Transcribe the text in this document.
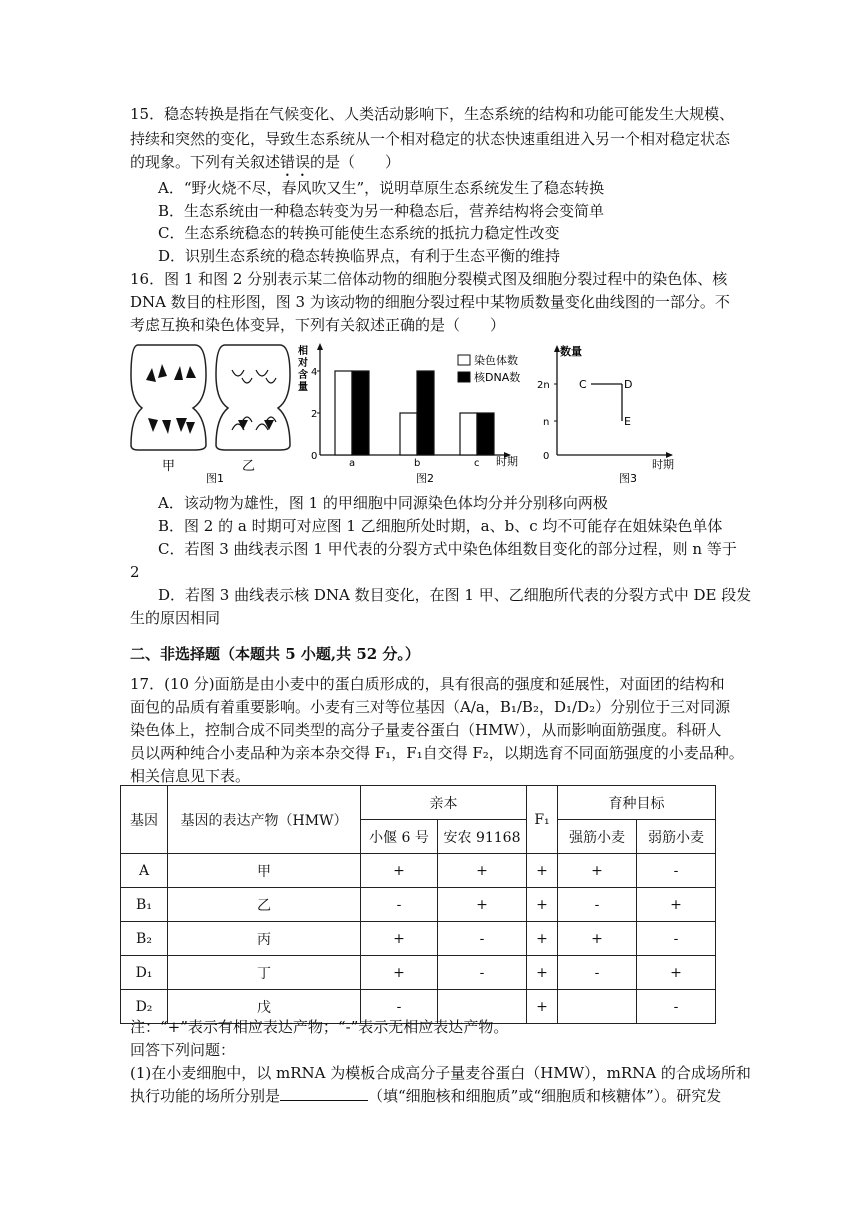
15．稳态转换是指在气候变化、人类活动影响下，生态系统的结构和功能可能发生大规模、
持续和突然的变化，导致生态系统从一个相对稳定的状态快速重组进入另一个相对稳定状态
的现象。下列有关叙述错误的是（　　）
A．“野火烧不尽，春风吹又生”，说明草原生态系统发生了稳态转换
B．生态系统由一种稳态转变为另一种稳态后，营养结构将会变简单
C．生态系统稳态的转换可能使生态系统的抵抗力稳定性改变
D．识别生态系统的稳态转换临界点，有利于生态平衡的维持
16．图 1 和图 2 分别表示某二倍体动物的细胞分裂模式图及细胞分裂过程中的染色体、核
DNA 数目的柱形图，图 3 为该动物的细胞分裂过程中某物质数量变化曲线图的一部分。不
考虑互换和染色体变异，下列有关叙述正确的是（　　）
甲	乙
图1
相
对
含
量
时期
0
2
4
a	b	c
染色体数
核DNA数
图2
数量
时期
0
n
2n	C	D
E
图3
A．该动物为雄性，图 1 的甲细胞中同源染色体均分并分别移向两极
B．图 2 的 a 时期可对应图 1 乙细胞所处时期，a、b、c 均不可能存在姐妹染色单体
C．若图 3 曲线表示图 1 甲代表的分裂方式中染色体组数目变化的部分过程，则 n 等于
2
D．若图 3 曲线表示核 DNA 数目变化，在图 1 甲、乙细胞所代表的分裂方式中 DE 段发
生的原因相同
二、非选择题（本题共 5 小题,共 52 分。）
17．(10 分)面筋是由小麦中的蛋白质形成的，具有很高的强度和延展性，对面团的结构和
面包的品质有着重要影响。小麦有三对等位基因（A/a，B₁/B₂，D₁/D₂）分别位于三对同源
染色体上，控制合成不同类型的高分子量麦谷蛋白（HMW），从而影响面筋强度。科研人
员以两种纯合小麦品种为亲本杂交得 F₁，F₁自交得 F₂，以期选育不同面筋强度的小麦品种。
相关信息见下表。
基因	基因的表达产物（HMW）	亲本		F₁	育种目标	
		小偃 6 号	安农 91168		强筋小麦	弱筋小麦
A	甲	+	+	+	+	-
B₁	乙	-	+	+	-	+
B₂	丙	+	-	+	+	-
D₁	丁	+	-	+	-	+
D₂	戊	-		+		-
注：“+”表示有相应表达产物；“-”表示无相应表达产物。
回答下列问题：
(1)在小麦细胞中，以 mRNA 为模板合成高分子量麦谷蛋白（HMW），mRNA 的合成场所和
执行功能的场所分别是	（填“细胞核和细胞质”或“细胞质和核糖体”）。研究发
